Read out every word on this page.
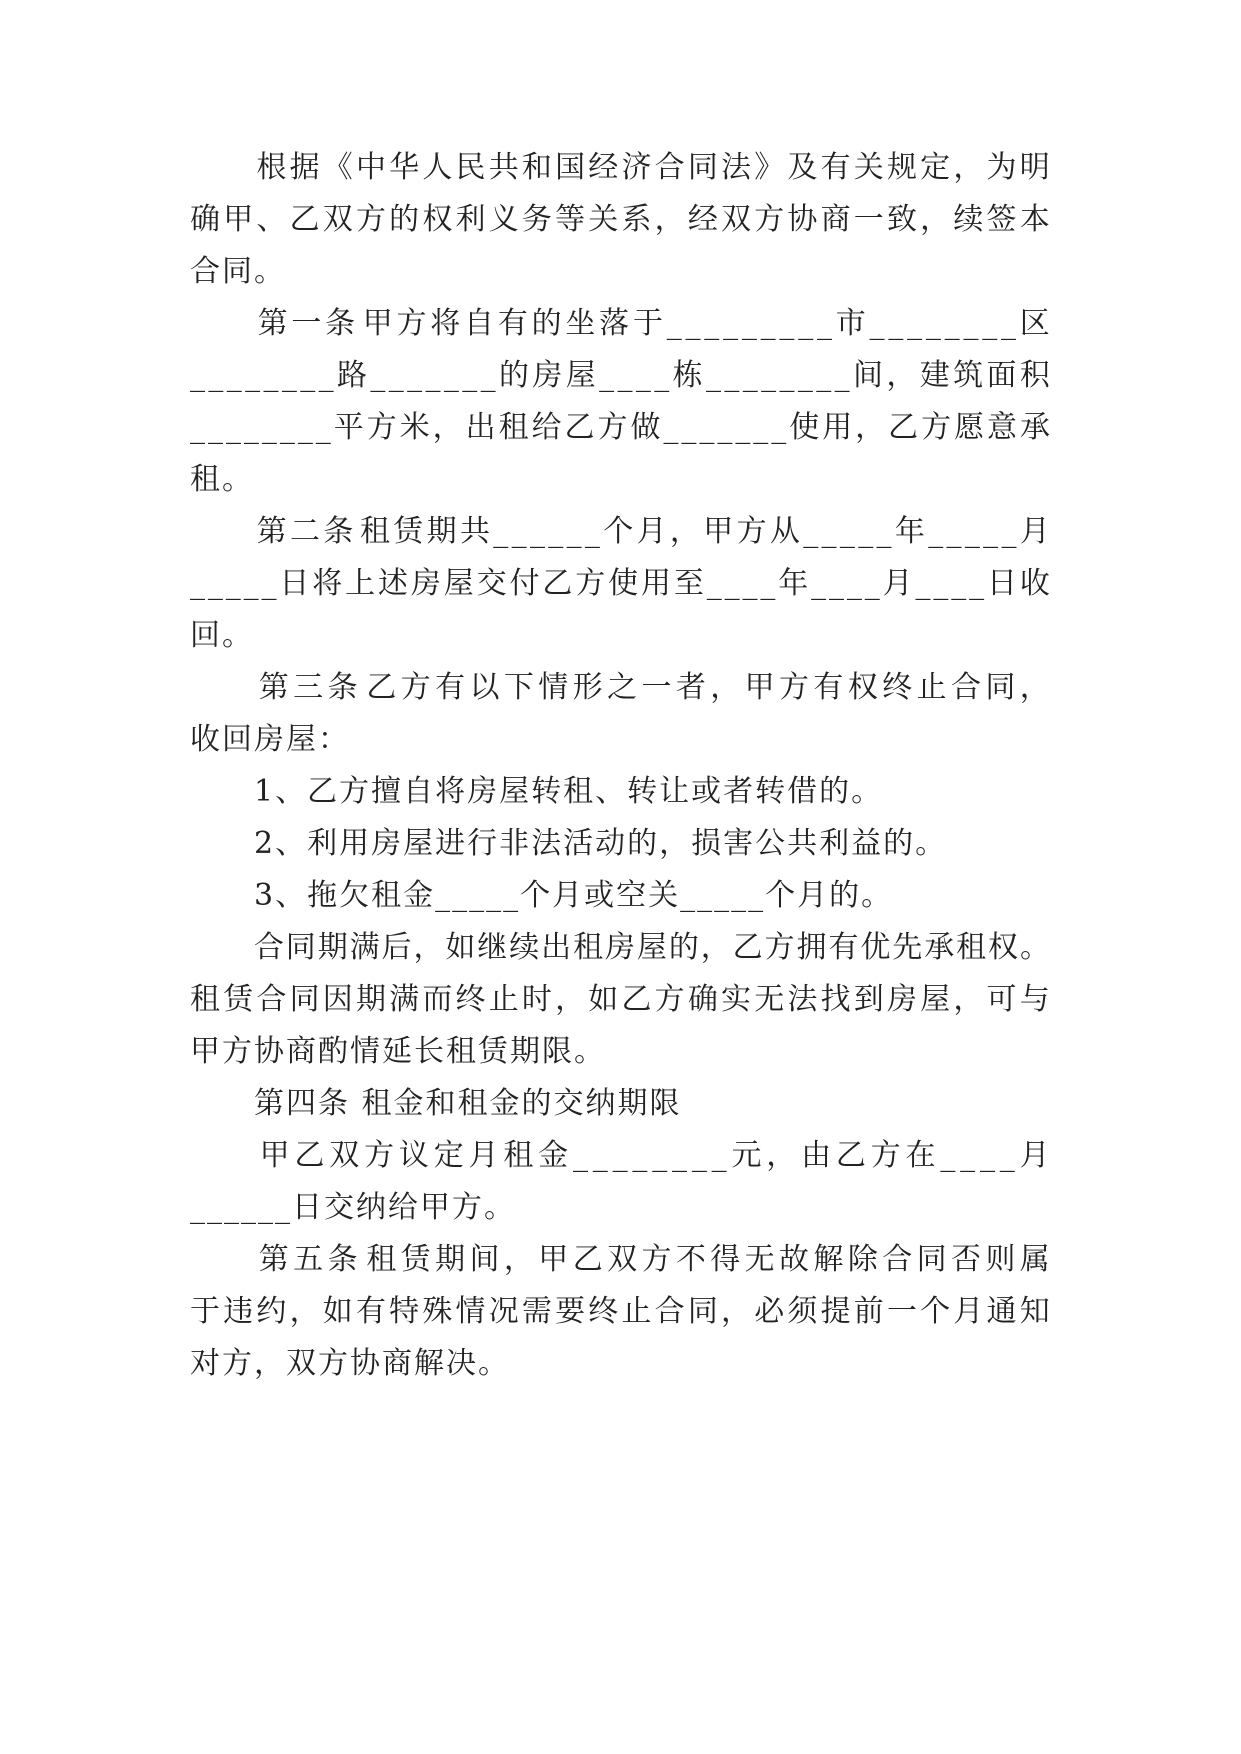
根 据 《 中 华 人 民 共 和 国 经 济 合 同 法 》 及 有 关 规 定 ， 为 明
确 甲 、 乙 双 方 的 权 利 义 务 等 关 系 ， 经 双 方 协 商 一 致 ， 续 签 本
合同。

第 一 条 甲 方 将 自 有 的 坐 落 于 _ _ _ _ _ _ _ _ _ 市 _ _ _ _ _ _ _ _ 区
_ _ _ _ _ _ _ _ 路 _ _ _ _ _ _ _ 的 房 屋 _ _ _ _ 栋 _ _ _ _ _ _ _ _ 间 ， 建 筑 面 积
_ _ _ _ _ _ _ _ 平 方 米 ， 出 租 给 乙 方 做 _ _ _ _ _ _ _ 使 用 ， 乙 方 愿 意 承
租。

第 二 条 租 赁 期 共 _ _ _ _ _ _ 个 月 ， 甲 方 从 _ _ _ _ _ 年 _ _ _ _ _ 月
_ _ _ _ _ 日 将 上 述 房 屋 交 付 乙 方 使 用 至 _ _ _ _ 年 _ _ _ _ 月 _ _ _ _ 日 收
回。

第 三 条 乙 方 有 以 下 情 形 之 一 者 ， 甲 方 有 权 终 止 合 同 ，
收回房屋：
　　1、乙方擅自将房屋转租、转让或者转借的。
　　2、利用房屋进行非法活动的，损害公共利益的。
　　3、拖欠租金_____个月或空关_____个月的。

合 同 期 满 后 ， 如 继 续 出 租 房 屋 的 ， 乙 方 拥 有 优 先 承 租 权 。
租 赁 合 同 因 期 满 而 终 止 时 ， 如 乙 方 确 实 无 法 找 到 房 屋 ， 可 与
甲方协商酌情延长租赁期限。
　　第四条 租金和租金的交纳期限

甲 乙 双 方 议 定 月 租 金 _ _ _ _ _ _ _ _ 元 ， 由 乙 方 在 _ _ _ _ 月
______日交纳给甲方。

第 五 条 租 赁 期 间 ， 甲 乙 双 方 不 得 无 故 解 除 合 同 否 则 属
于 违 约 ， 如 有 特 殊 情 况 需 要 终 止 合 同 ， 必 须 提 前 一 个 月 通 知
对方，双方协商解决。
